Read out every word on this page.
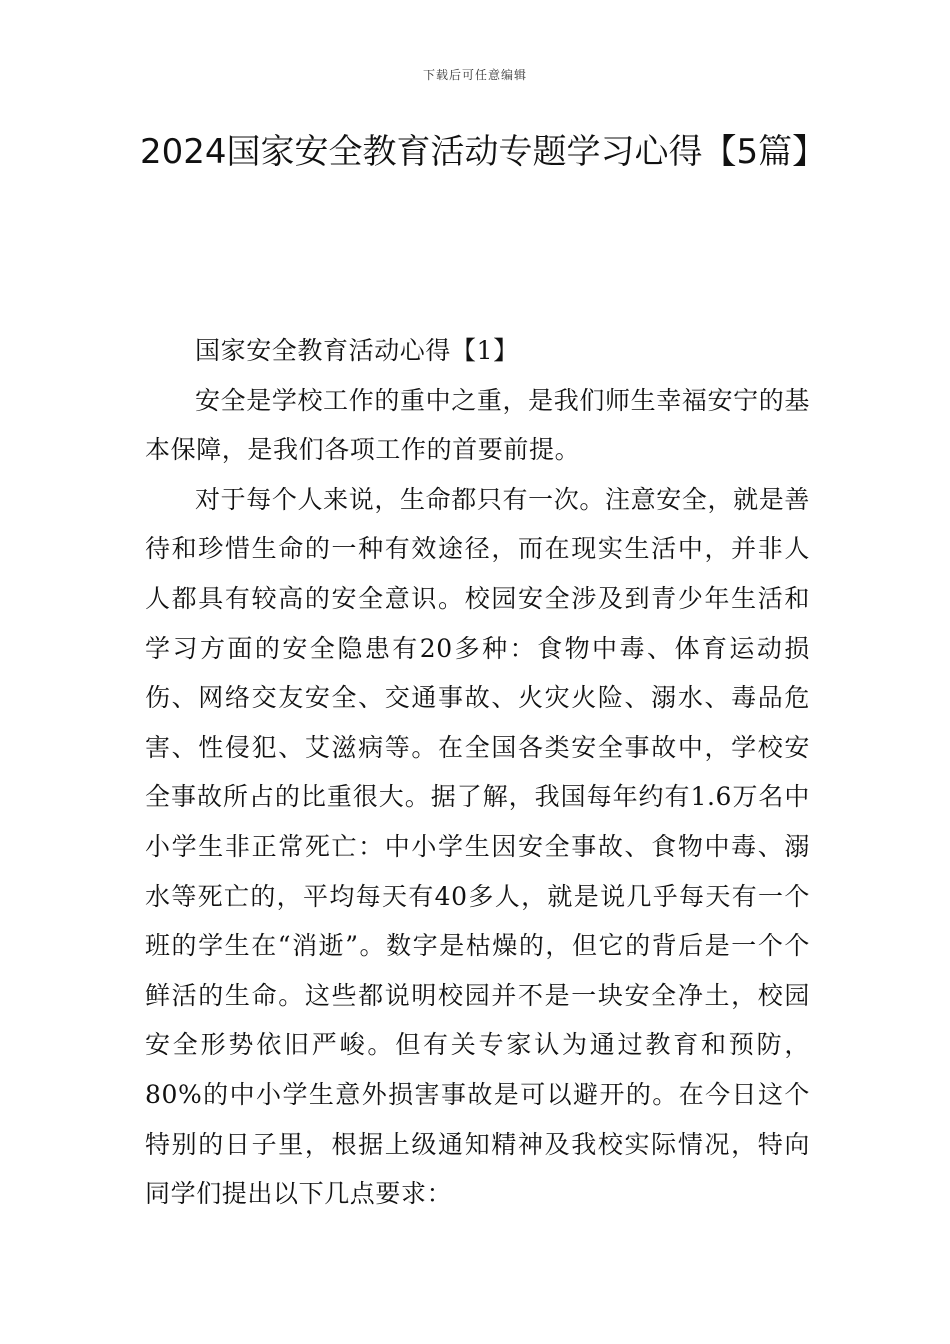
下载后可任意编辑
2024国家安全教育活动专题学习心得【5篇】

国家安全教育活动心得【1】

安全是学校工作的重中之重，是我们师生幸福安宁的基本保障，是我们各项工作的首要前提。

对于每个人来说，生命都只有一次。注意安全，就是善待和珍惜生命的一种有效途径，而在现实生活中，并非人人都具有较高的安全意识。校园安全涉及到青少年生活和学习方面的安全隐患有20多种：食物中毒、体育运动损伤、网络交友安全、交通事故、火灾火险、溺水、毒品危害、性侵犯、艾滋病等。在全国各类安全事故中，学校安全事故所占的比重很大。据了解，我国每年约有1.6万名中小学生非正常死亡：中小学生因安全事故、食物中毒、溺水等死亡的，平均每天有40多人，就是说几乎每天有一个班的学生在“消逝”。数字是枯燥的，但它的背后是一个个鲜活的生命。这些都说明校园并不是一块安全净土，校园安全形势依旧严峻。但有关专家认为通过教育和预防，80%的中小学生意外损害事故是可以避开的。在今日这个特别的日子里，根据上级通知精神及我校实际情况，特向同学们提出以下几点要求：
